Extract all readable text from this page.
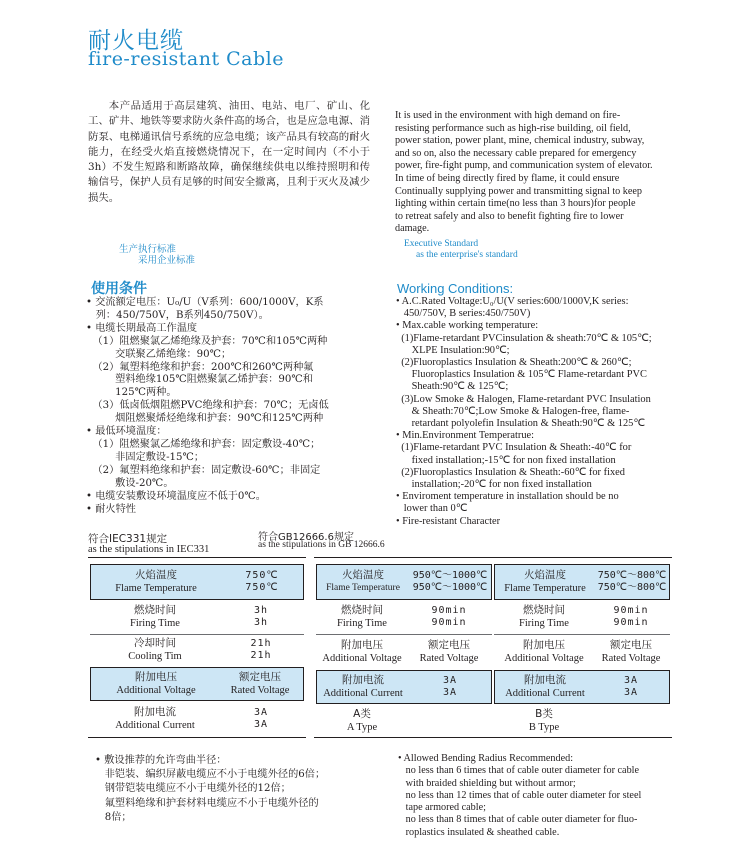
耐火电缆
fire-resistant Cable
本产品适用于高层建筑、油田、电站、电厂、矿山、化工、矿井、地铁等要求防火条件高的场合，也是应急电源、消防泵、电梯通讯信号系统的应急电缆；该产品具有较高的耐火能力，在经受火焰直接燃烧情况下，在一定时间内（不小于3h）不发生短路和断路故障，确保继续供电以维持照明和传输信号，保护人员有足够的时间安全撤离，且利于灭火及减少损失。
It is used in the environment with high demand on fire-
resisting performance such as high-rise building, oil field,
power station, power plant, mine, chemical industry, subway,
and so on, also the necessary cable prepared for emergency
power, fire-fight pump, and communication system of elevator.
In time of being directly fired by flame, it could ensure
Continually supplying power and transmitting signal to keep
lighting within certain time(no less than 3 hours)for people
to retreat safely and also to benefit fighting fire to lower
damage.
生产执行标准
采用企业标准
Executive Standard
as the enterprise's standard
使用条件	Working Conditions:
• 交流额定电压：U₀/U（V系列：600/1000V，K系
列：450/750V，B系列450/750V）。
• 电缆长期最高工作温度
（1）阻燃聚氯乙烯绝缘及护套：70℃和105℃两种
交联聚乙烯绝缘：90℃；
（2）氟塑料绝缘和护套：200℃和260℃两种氟
塑料绝缘105℃阻燃聚氯乙烯护套：90℃和
125℃两种。
（3）低卤低烟阻燃PVC绝缘和护套：70℃；无卤低
烟阻燃聚烯烃绝缘和护套：90℃和125℃两种
• 最低环境温度：
（1）阻燃聚氯乙烯绝缘和护套：固定敷设-40℃；
非固定敷设-15℃；
（2）氟塑料绝缘和护套：固定敷设-60℃；非固定
敷设-20℃。
• 电缆安装敷设环境温度应不低于0℃。
• 耐火特性
• A.C.Rated Voltage:U₀/U(V series:600/1000V,K series:
450/750V, B series:450/750V)
• Max.cable working temperature:
(1)Flame-retardant PVCinsulation & sheath:70℃ & 105℃;
XLPE Insulation:90℃;
(2)Fluoroplastics Insulation & Sheath:200℃ & 260℃;
Fluoroplastics Insulation & 105℃ Flame-retardant PVC
Sheath:90℃ & 125℃;
(3)Low Smoke & Halogen, Flame-retardant PVC Insulation
& Sheath:70℃;Low Smoke & Halogen-free, flame-
retardant polyolefin Insulation & Sheath:90℃ & 125℃
• Min.Environment Temperatrue:
(1)Flame-retardant PVC Insulation & Sheath:-40℃ for
fixed installation;-15℃ for non fixed installation
(2)Fluoroplastics Insulation & Sheath:-60℃ for fixed
installation;-20℃ for non fixed installation
• Enviroment temperature in installation should be no
lower than 0℃
• Fire-resistant Character
符合IEC331规定
as the stipulations in IEC331
符合GB12666.6规定
as the stipulations in GB 12666.6
火焰温度
Flame Temperature
750℃
750℃
燃烧时间
Firing Time
3h
3h
冷却时间
Cooling Tim
21h
21h
附加电压
Additional Voltage
额定电压
Rated Voltage
附加电流
Additional Current
3A
3A
火焰温度
Flame Temperature
950℃～1000℃
950℃～1000℃
燃烧时间
Firing Time
90min
90min
附加电压
Additional Voltage
额定电压
Rated Voltage
附加电流
Additional Current
3A
3A
A类
A Type
火焰温度
Flame Temperature
750℃～800℃
750℃～800℃
燃烧时间
Firing Time
90min
90min
附加电压
Additional Voltage
额定电压
Rated Voltage
附加电流
Additional Current
3A
3A
B类
B Type
• 敷设推荐的允许弯曲半径：
非铠装、编织屏蔽电缆应不小于电缆外径的6倍；
钢带铠装电缆应不小于电缆外径的12倍；
氟塑料绝缘和护套材料电缆应不小于电缆外径的
8倍；
• Allowed Bending Radius Recommended:
no less than 6 times that of cable outer diameter for cable
with braided shielding but without armor;
no less than 12 times that of cable outer diameter for steel
tape armored cable;
no less than 8 times that of cable outer diameter for fluo-
roplastics insulated & sheathed cable.
